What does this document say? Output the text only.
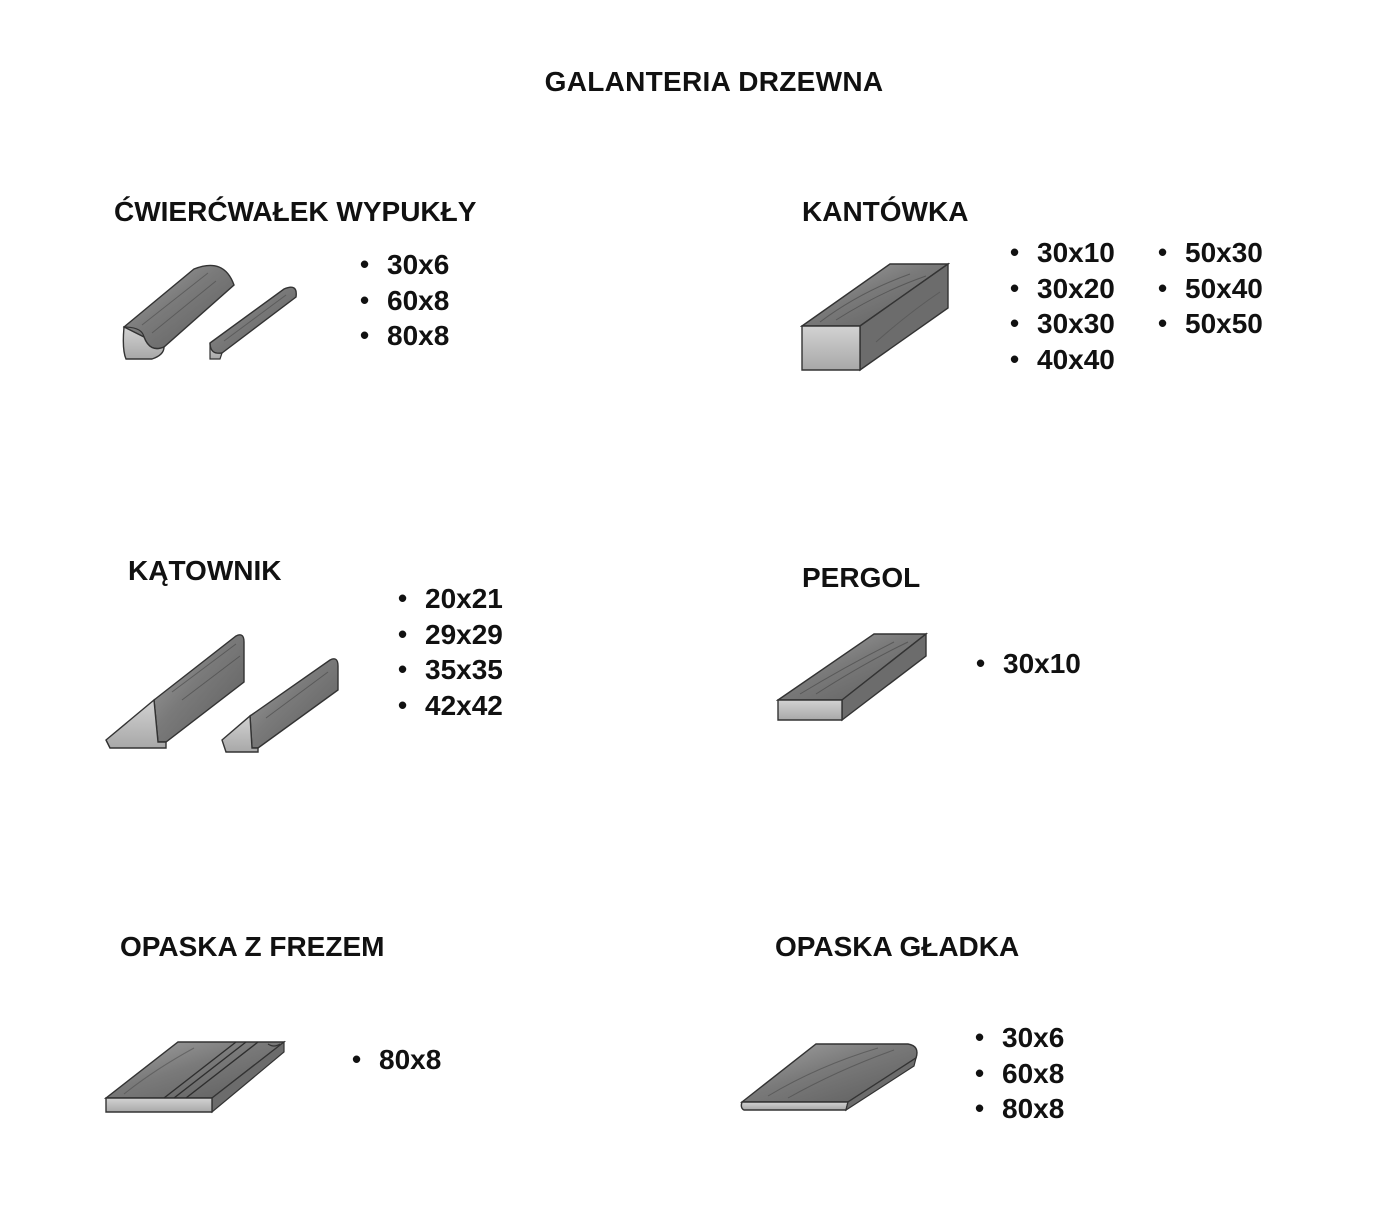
GALANTERIA DRZEWNA
ĆWIERĆWAŁEK WYPUKŁY
• 30x6
• 60x8
• 80x8
KANTÓWKA
• 30x10
• 30x20
• 30x30
• 40x40
• 50x30
• 50x40
• 50x50
KĄTOWNIK
• 20x21
• 29x29
• 35x35
• 42x42
PERGOL
• 30x10
OPASKA Z FREZEM
• 80x8
OPASKA GŁADKA
• 30x6
• 60x8
• 80x8
